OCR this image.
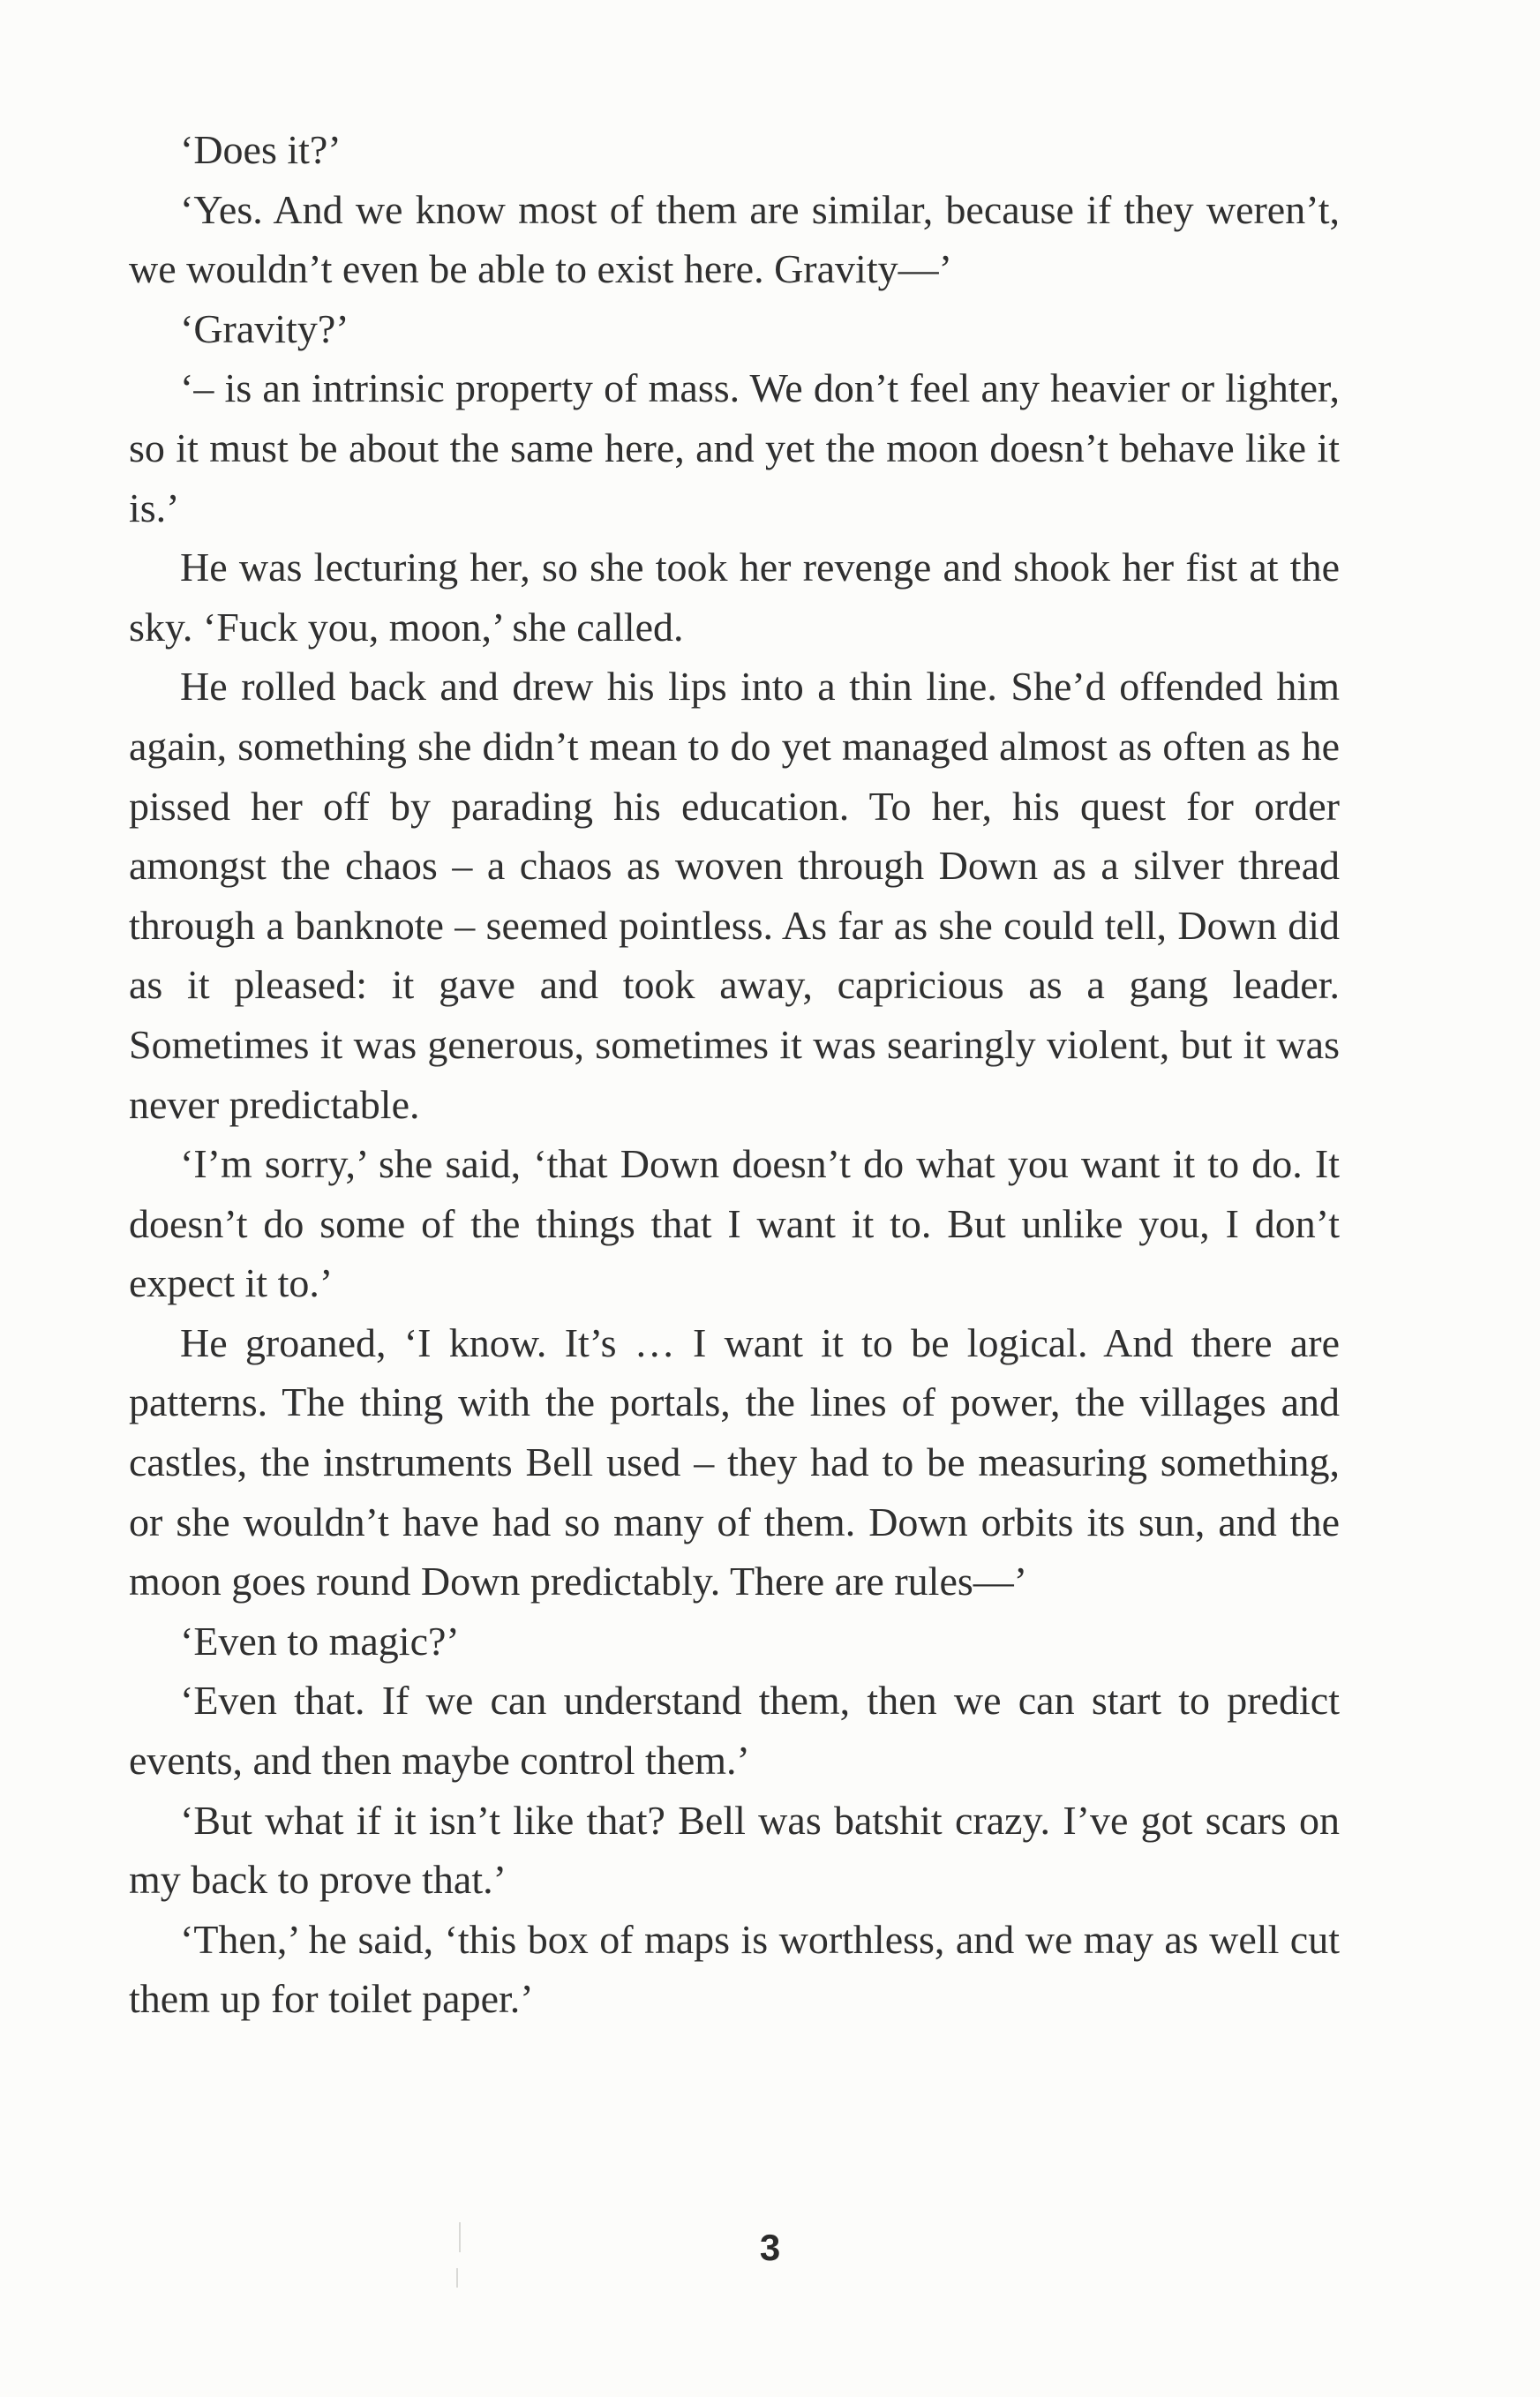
‘Does it?’

‘Yes. And we know most of them are similar, because if they weren’t, we wouldn’t even be able to exist here. Gravity—’

‘Gravity?’

‘– is an intrinsic property of mass. We don’t feel any heavier or lighter, so it must be about the same here, and yet the moon doesn’t behave like it is.’

He was lecturing her, so she took her revenge and shook her fist at the sky. ‘Fuck you, moon,’ she called.

He rolled back and drew his lips into a thin line. She’d offended him again, something she didn’t mean to do yet managed almost as often as he pissed her off by parading his education. To her, his quest for order amongst the chaos – a chaos as woven through Down as a silver thread through a banknote – seemed pointless. As far as she could tell, Down did as it pleased: it gave and took away, capricious as a gang leader. Sometimes it was generous, sometimes it was searingly violent, but it was never predictable.

‘I’m sorry,’ she said, ‘that Down doesn’t do what you want it to do. It doesn’t do some of the things that I want it to. But unlike you, I don’t expect it to.’

He groaned, ‘I know. It’s … I want it to be logical. And there are patterns. The thing with the portals, the lines of power, the villages and castles, the instruments Bell used – they had to be measuring something, or she wouldn’t have had so many of them. Down orbits its sun, and the moon goes round Down predictably. There are rules—’

‘Even to magic?’

‘Even that. If we can understand them, then we can start to predict events, and then maybe control them.’

‘But what if it isn’t like that? Bell was batshit crazy. I’ve got scars on my back to prove that.’

‘Then,’ he said, ‘this box of maps is worthless, and we may as well cut them up for toilet paper.’

3
